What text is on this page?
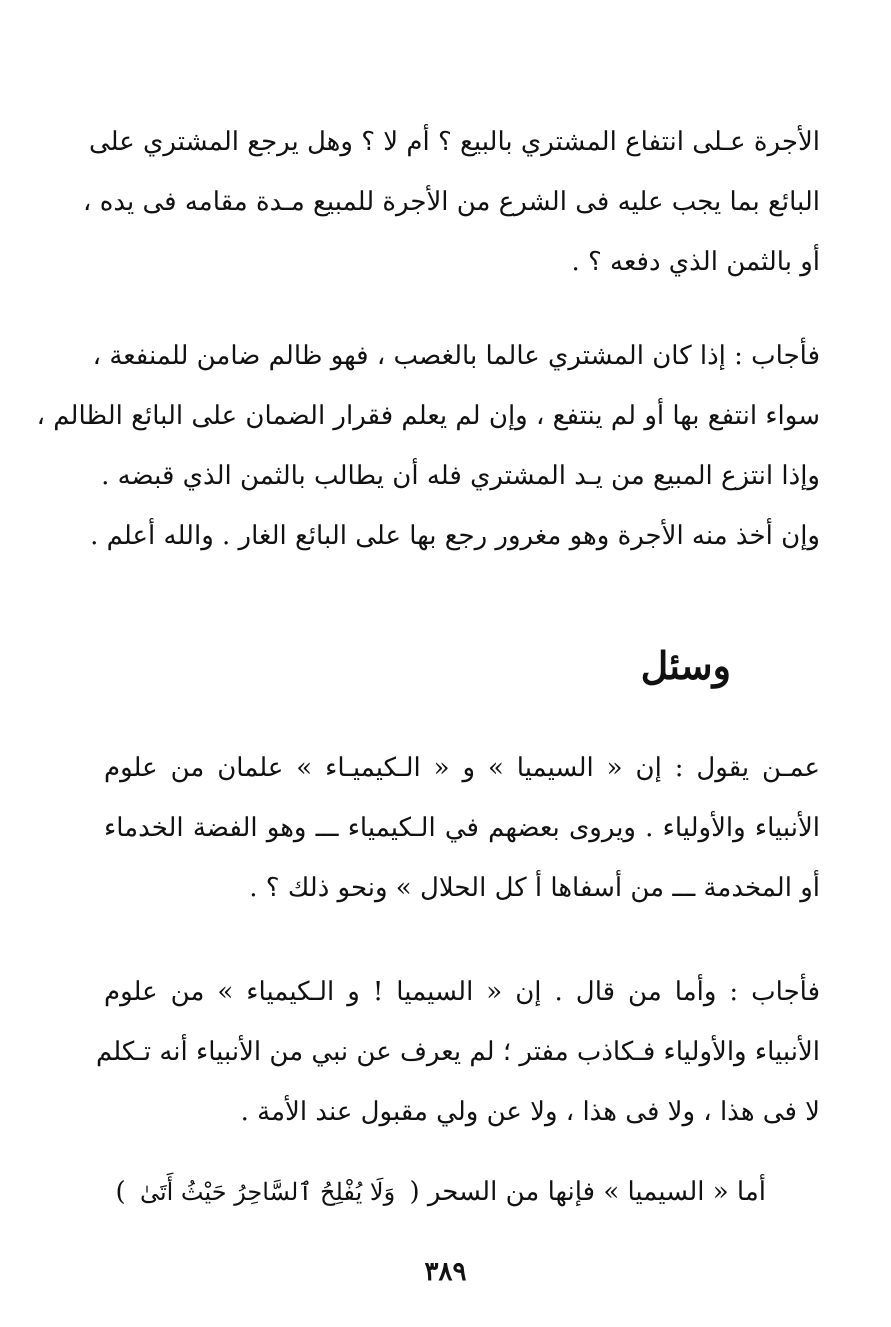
الأجرة عـلى انتفاع المشتري بالبيع ؟ أم لا ؟ وهل يرجع المشتري على
البائع بما يجب عليه فى الشرع من الأجرة للمبيع مـدة مقامه فى يده ،
أو بالثمن الذي دفعه ؟ .
فأجاب : إذا كان المشتري عالما بالغصب ، فهو ظالم ضامن للمنفعة ،
سواء انتفع بها أو لم ينتفع ، وإن لم يعلم فقرار الضمان على البائع الظالم ،
وإذا انتزع المبيع من يـد المشتري فله أن يطالب بالثمن الذي قبضه .
وإن أخذ منه الأجرة وهو مغرور رجع بها على البائع الغار . والله أعلم .
وسئل
عمـن يقول : إن « السيميا » و « الـكيميـاء » علمان من علوم
الأنبياء والأولياء . ويروى بعضهم في الـكيمياء ـــ وهو الفضة الخدماء
أو المخدمة ـــ من أسفاها أ كل الحلال » ونحو ذلك ؟ .
فأجاب : وأما من قال . إن « السيميا ! و الـكيمياء » من علوم
الأنبياء والأولياء فـكاذب مفتر ؛ لم يعرف عن نبي من الأنبياء أنه تـكلم
لا فى هذا ، ولا فى هذا ، ولا عن ولي مقبول عند الأمة .
أما « السيميا » فإنها من السحر ( وَلَا يُفْلِحُ ٱلسَّاحِرُ حَيْثُ أَتَىٰ )
٣٨٩
